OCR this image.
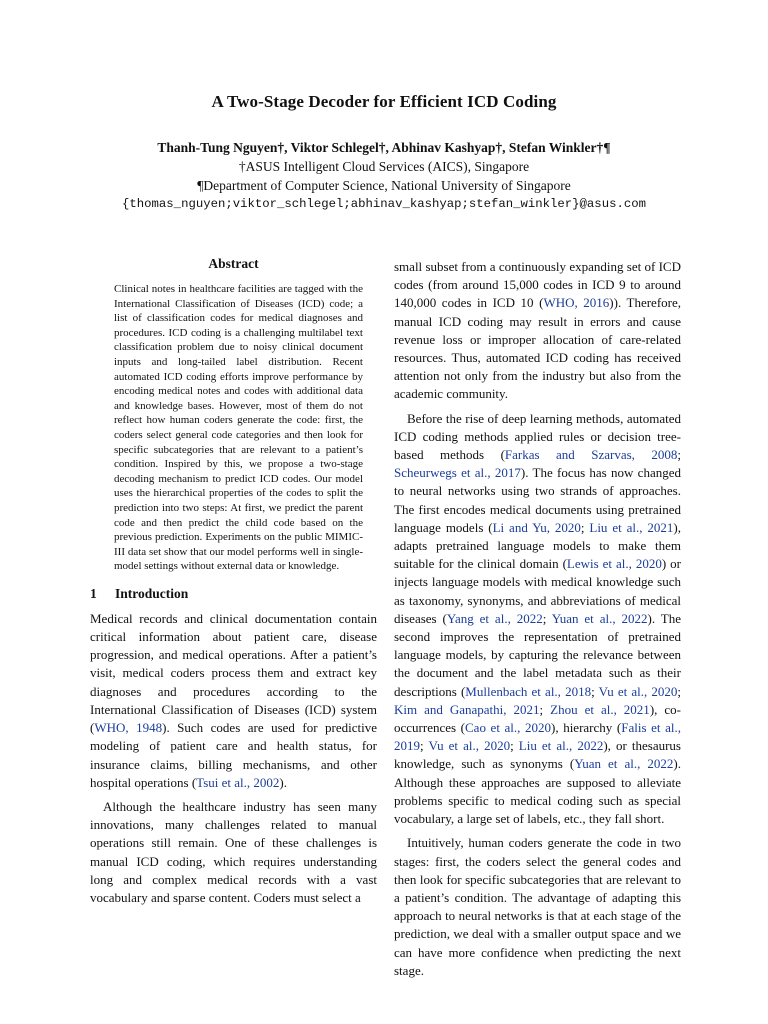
A Two-Stage Decoder for Efficient ICD Coding
Thanh-Tung Nguyen†, Viktor Schlegel†, Abhinav Kashyap†, Stefan Winkler†¶
†ASUS Intelligent Cloud Services (AICS), Singapore
¶Department of Computer Science, National University of Singapore
{thomas_nguyen;viktor_schlegel;abhinav_kashyap;stefan_winkler}@asus.com
Abstract

Clinical notes in healthcare facilities are tagged with the International Classification of Diseases (ICD) code; a list of classification codes for medical diagnoses and procedures. ICD coding is a challenging multilabel text classification problem due to noisy clinical document inputs and long-tailed label distribution. Recent automated ICD coding efforts improve performance by encoding medical notes and codes with additional data and knowledge bases. However, most of them do not reflect how human coders generate the code: first, the coders select general code categories and then look for specific subcategories that are relevant to a patient’s condition. Inspired by this, we propose a two-stage decoding mechanism to predict ICD codes. Our model uses the hierarchical properties of the codes to split the prediction into two steps: At first, we predict the parent code and then predict the child code based on the previous prediction. Experiments on the public MIMIC-III data set show that our model performs well in single-model settings without external data or knowledge.

1 Introduction

Medical records and clinical documentation contain critical information about patient care, disease progression, and medical operations. After a patient’s visit, medical coders process them and extract key diagnoses and procedures according to the International Classification of Diseases (ICD) system (WHO, 1948). Such codes are used for predictive modeling of patient care and health status, for insurance claims, billing mechanisms, and other hospital operations (Tsui et al., 2002).

Although the healthcare industry has seen many innovations, many challenges related to manual operations still remain. One of these challenges is manual ICD coding, which requires understanding long and complex medical records with a vast vocabulary and sparse content. Coders must select a

small subset from a continuously expanding set of ICD codes (from around 15,000 codes in ICD 9 to around 140,000 codes in ICD 10 (WHO, 2016)). Therefore, manual ICD coding may result in errors and cause revenue loss or improper allocation of care-related resources. Thus, automated ICD coding has received attention not only from the industry but also from the academic community.

Before the rise of deep learning methods, automated ICD coding methods applied rules or decision tree-based methods (Farkas and Szarvas, 2008; Scheurwegs et al., 2017). The focus has now changed to neural networks using two strands of approaches. The first encodes medical documents using pretrained language models (Li and Yu, 2020; Liu et al., 2021), adapts pretrained language models to make them suitable for the clinical domain (Lewis et al., 2020) or injects language models with medical knowledge such as taxonomy, synonyms, and abbreviations of medical diseases (Yang et al., 2022; Yuan et al., 2022). The second improves the representation of pretrained language models, by capturing the relevance between the document and the label metadata such as their descriptions (Mullenbach et al., 2018; Vu et al., 2020; Kim and Ganapathi, 2021; Zhou et al., 2021), co-occurrences (Cao et al., 2020), hierarchy (Falis et al., 2019; Vu et al., 2020; Liu et al., 2022), or thesaurus knowledge, such as synonyms (Yuan et al., 2022). Although these approaches are supposed to alleviate problems specific to medical coding such as special vocabulary, a large set of labels, etc., they fall short.

Intuitively, human coders generate the code in two stages: first, the coders select the general codes and then look for specific subcategories that are relevant to a patient’s condition. The advantage of adapting this approach to neural networks is that at each stage of the prediction, we deal with a smaller output space and we can have more confidence when predicting the next stage.
